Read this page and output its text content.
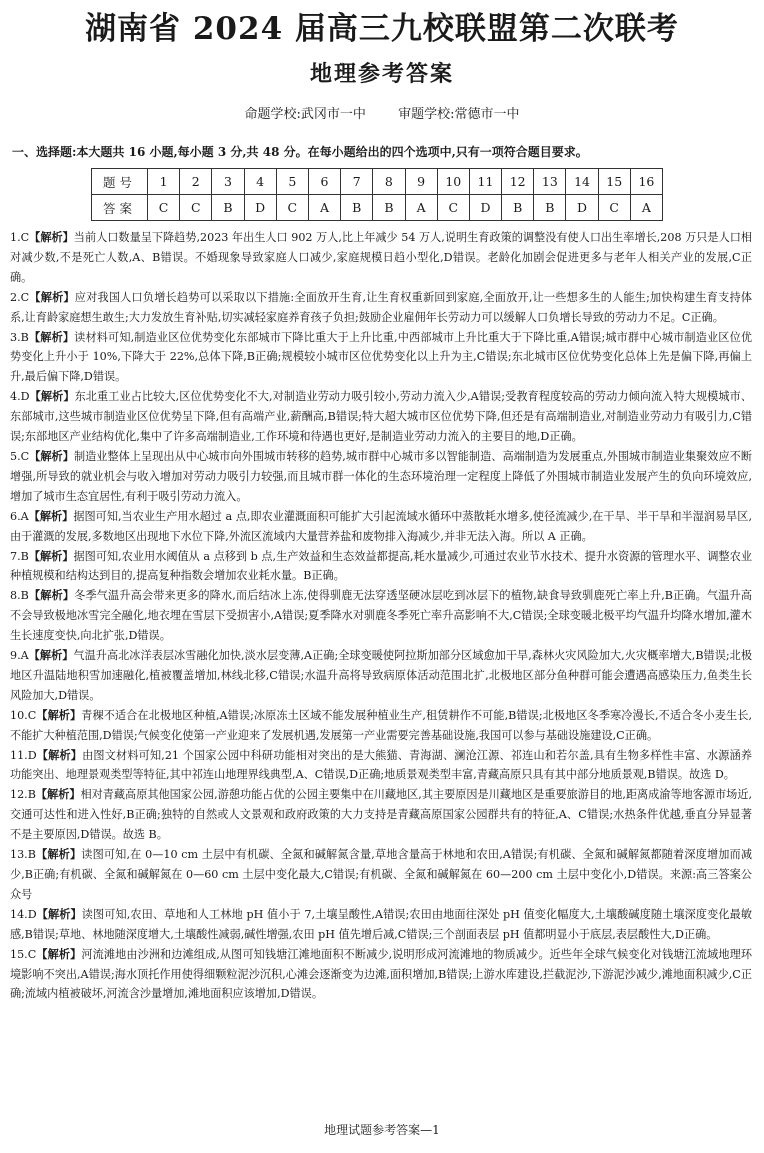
湖南省 2024 届高三九校联盟第二次联考
地理参考答案
命题学校:武冈市一中 审题学校:常德市一中
一、选择题:本大题共 16 小题,每小题 3 分,共 48 分。在每小题给出的四个选项中,只有一项符合题目要求。
题号	1	2	3	4	5	6	7	8	9	10	11	12	13	14	15	16
答案	C	C	B	D	C	A	B	B	A	C	D	B	B	D	C	A

1.C【解析】当前人口数量呈下降趋势,2023 年出生人口 902 万人,比上年减少 54 万人,说明生育政策的调整没有使人口出生率增长,208 万只是人口相对减少数,不是死亡人数,A、B错误。不婚现象导致家庭人口减少,家庭规模日趋小型化,D错误。老龄化加剧会促进更多与老年人相关产业的发展,C正确。

2.C【解析】应对我国人口负增长趋势可以采取以下措施:全面放开生育,让生育权重新回到家庭,全面放开,让一些想多生的人能生;加快构建生育支持体系,让育龄家庭想生敢生;大力发放生育补贴,切实减轻家庭养育孩子负担;鼓励企业雇佣年长劳动力可以缓解人口负增长导致的劳动力不足。C正确。

3.B【解析】读材料可知,制造业区位优势变化东部城市下降比重大于上升比重,中西部城市上升比重大于下降比重,A错误;城市群中心城市制造业区位优势变化上升小于 10%,下降大于 22%,总体下降,B正确;规模较小城市区位优势变化以上升为主,C错误;东北城市区位优势变化总体上先是偏下降,再偏上升,最后偏下降,D错误。

4.D【解析】东北重工业占比较大,区位优势变化不大,对制造业劳动力吸引较小,劳动力流入少,A错误;受教育程度较高的劳动力倾向流入特大规模城市、东部城市,这些城市制造业区位优势呈下降,但有高端产业,薪酬高,B错误;特大超大城市区位优势下降,但还是有高端制造业,对制造业劳动力有吸引力,C错误;东部地区产业结构优化,集中了许多高端制造业,工作环境和待遇也更好,是制造业劳动力流入的主要目的地,D正确。

5.C【解析】制造业整体上呈现出从中心城市向外围城市转移的趋势,城市群中心城市多以智能制造、高端制造为发展重点,外围城市制造业集聚效应不断增强,所导致的就业机会与收入增加对劳动力吸引力较强,而且城市群一体化的生态环境治理一定程度上降低了外围城市制造业发展产生的负向环境效应,增加了城市生态宜居性,有利于吸引劳动力流入。

6.A【解析】据图可知,当农业生产用水超过 a 点,即农业灌溉面积可能扩大引起流域水循环中蒸散耗水增多,使径流减少,在干旱、半干旱和半湿润易旱区,由于灌溉的发展,多数地区出现地下水位下降,外流区流域内大量营养盐和废物排入海减少,并非无法入海。所以 A 正确。

7.B【解析】据图可知,农业用水阈值从 a 点移到 b 点,生产效益和生态效益都提高,耗水量减少,可通过农业节水技术、提升水资源的管理水平、调整农业种植规模和结构达到目的,提高复种指数会增加农业耗水量。B正确。

8.B【解析】冬季气温升高会带来更多的降水,而后结冰上冻,使得驯鹿无法穿透坚硬冰层吃到冰层下的植物,缺食导致驯鹿死亡率上升,B正确。气温升高不会导致极地冰雪完全融化,地衣埋在雪层下受损害小,A错误;夏季降水对驯鹿冬季死亡率升高影响不大,C错误;全球变暖北极平均气温升均降水增加,灌木生长速度变快,向北扩张,D错误。

9.A【解析】气温升高北冰洋表层冰雪融化加快,淡水层变薄,A正确;全球变暖使阿拉斯加部分区域愈加干旱,森林火灾风险加大,火灾概率增大,B错误;北极地区升温陆地积雪加速融化,植被覆盖增加,林线北移,C错误;水温升高将导致病原体活动范围北扩,北极地区部分鱼种群可能会遭遇高感染压力,鱼类生长风险加大,D错误。

10.C【解析】青稞不适合在北极地区种植,A错误;冰原冻土区域不能发展种植业生产,租赁耕作不可能,B错误;北极地区冬季寒冷漫长,不适合冬小麦生长,不能扩大种植范围,D错误;气候变化使第一产业迎来了发展机遇,发展第一产业需要完善基础设施,我国可以参与基础设施建设,C正确。

11.D【解析】由图文材料可知,21 个国家公园中科研功能相对突出的是大熊猫、青海湖、澜沧江源、祁连山和若尔盖,具有生物多样性丰富、水源涵养功能突出、地理景观类型等特征,其中祁连山地理界线典型,A、C错误,D正确;地质景观类型丰富,青藏高原只具有其中部分地质景观,B错误。故选 D。

12.B【解析】相对青藏高原其他国家公园,游憩功能占优的公园主要集中在川藏地区,其主要原因是川藏地区是重要旅游目的地,距离成渝等地客源市场近,交通可达性和进入性好,B正确;独特的自然或人文景观和政府政策的大力支持是青藏高原国家公园群共有的特征,A、C错误;水热条件优越,垂直分异显著不是主要原因,D错误。故选 B。

13.B【解析】读图可知,在 0—10 cm 土层中有机碳、全氮和碱解氮含量,草地含量高于林地和农田,A错误;有机碳、全氮和碱解氮都随着深度增加而减少,B正确;有机碳、全氮和碱解氮在 0—60 cm 土层中变化最大,C错误;有机碳、全氮和碱解氮在 60—200 cm 土层中变化小,D错误。来源:高三答案公众号

14.D【解析】读图可知,农田、草地和人工林地 pH 值小于 7,土壤呈酸性,A错误;农田由地面往深处 pH 值变化幅度大,土壤酸碱度随土壤深度变化最敏感,B错误;草地、林地随深度增大,土壤酸性减弱,碱性增强,农田 pH 值先增后减,C错误;三个剖面表层 pH 值都明显小于底层,表层酸性大,D正确。

15.C【解析】河流滩地由沙洲和边滩组成,从图可知钱塘江滩地面积不断减少,说明形成河流滩地的物质减少。近些年全球气候变化对钱塘江流域地理环境影响不突出,A错误;海水顶托作用使得细颗粒泥沙沉积,心滩会逐渐变为边滩,面积增加,B错误;上游水库建设,拦截泥沙,下游泥沙减少,滩地面积减少,C正确;流域内植被破坏,河流含沙量增加,滩地面积应该增加,D错误。

地理试题参考答案—1
